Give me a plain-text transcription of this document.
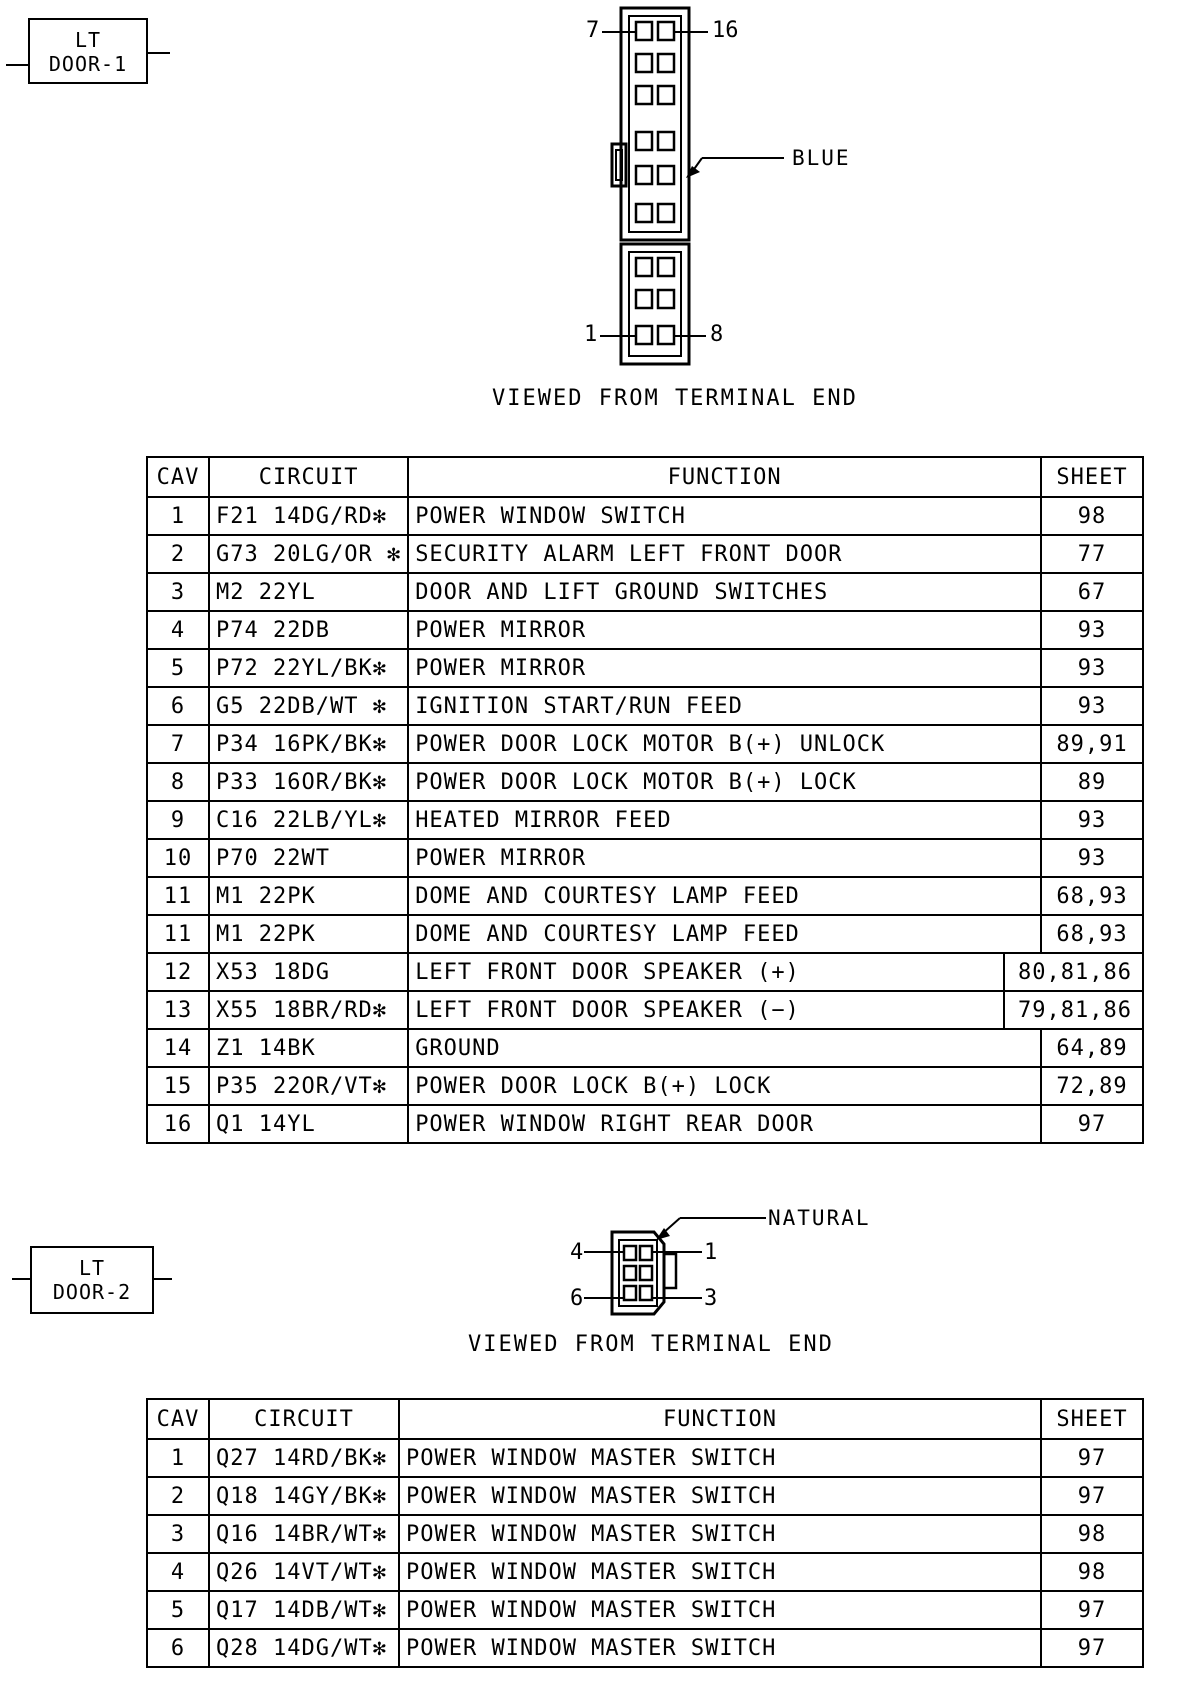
LT
DOOR-1
7	16
1	8
BLUE
VIEWED FROM TERMINAL END
CAV	CIRCUIT	FUNCTION		SHEET
1	F21 14DG/RD✻	POWER WINDOW SWITCH		98
2	G73 20LG/OR ✻	SECURITY ALARM LEFT FRONT DOOR		77
3	M2 22YL	DOOR AND LIFT GROUND SWITCHES		67
4	P74 22DB	POWER MIRROR		93
5	P72 22YL/BK✻	POWER MIRROR		93
6	G5 22DB/WT ✻	IGNITION START/RUN FEED		93
7	P34 16PK/BK✻	POWER DOOR LOCK MOTOR B(+) UNLOCK		89,91
8	P33 16OR/BK✻	POWER DOOR LOCK MOTOR B(+) LOCK		89
9	C16 22LB/YL✻	HEATED MIRROR FEED		93
10	P70 22WT	POWER MIRROR		93
11	M1 22PK	DOME AND COURTESY LAMP FEED		68,93
11	M1 22PK	DOME AND COURTESY LAMP FEED		68,93
12	X53 18DG	LEFT FRONT DOOR SPEAKER (+)	80,81,86	
13	X55 18BR/RD✻	LEFT FRONT DOOR SPEAKER (−)	79,81,86	
14	Z1 14BK	GROUND		64,89
15	P35 22OR/VT✻	POWER DOOR LOCK B(+) LOCK		72,89
16	Q1 14YL	POWER WINDOW RIGHT REAR DOOR		97
LT
DOOR-2
4	1
6	3
NATURAL
VIEWED FROM TERMINAL END
CAV	CIRCUIT	FUNCTION	SHEET
1	Q27 14RD/BK✻	POWER WINDOW MASTER SWITCH	97
2	Q18 14GY/BK✻	POWER WINDOW MASTER SWITCH	97
3	Q16 14BR/WT✻	POWER WINDOW MASTER SWITCH	98
4	Q26 14VT/WT✻	POWER WINDOW MASTER SWITCH	98
5	Q17 14DB/WT✻	POWER WINDOW MASTER SWITCH	97
6	Q28 14DG/WT✻	POWER WINDOW MASTER SWITCH	97
